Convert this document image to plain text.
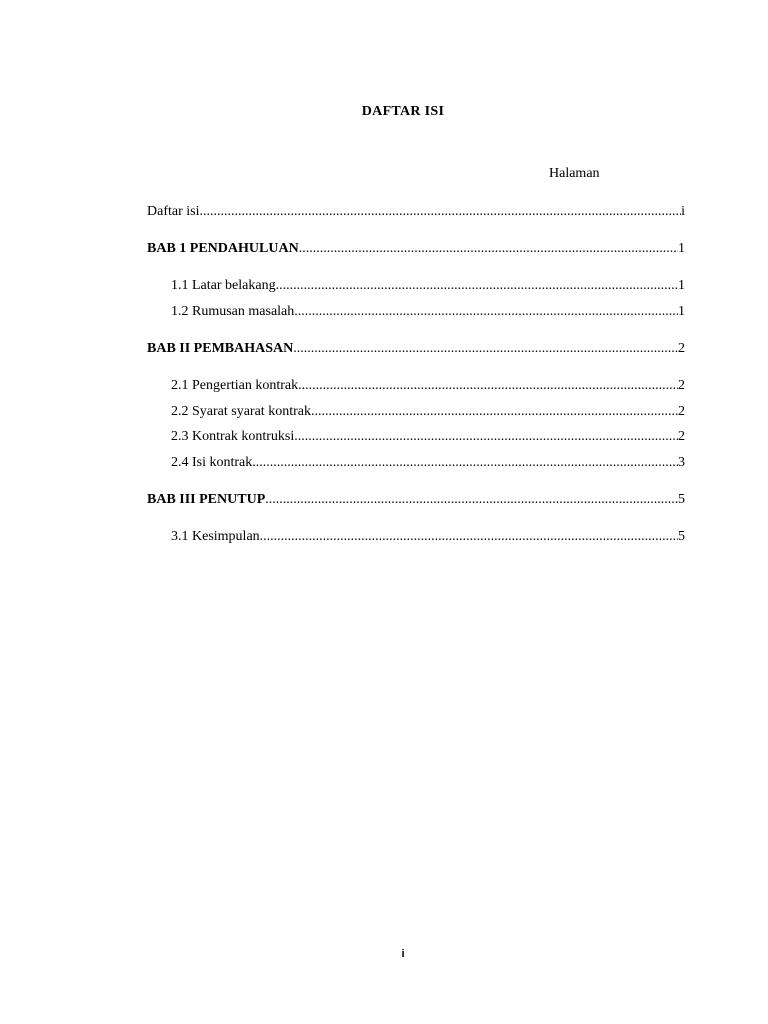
DAFTAR ISI
Halaman
Daftar isi .....	i
BAB 1 PENDAHULUAN .....	1
1.1 Latar belakang .....	1
1.2 Rumusan masalah .....	1
BAB II PEMBAHASAN .....	2
2.1 Pengertian kontrak .....	2
2.2 Syarat syarat kontrak .....	2
2.3 Kontrak kontruksi .....	2
2.4 Isi kontrak .....	3
BAB III PENUTUP .....	5
3.1 Kesimpulan .....	5
i
